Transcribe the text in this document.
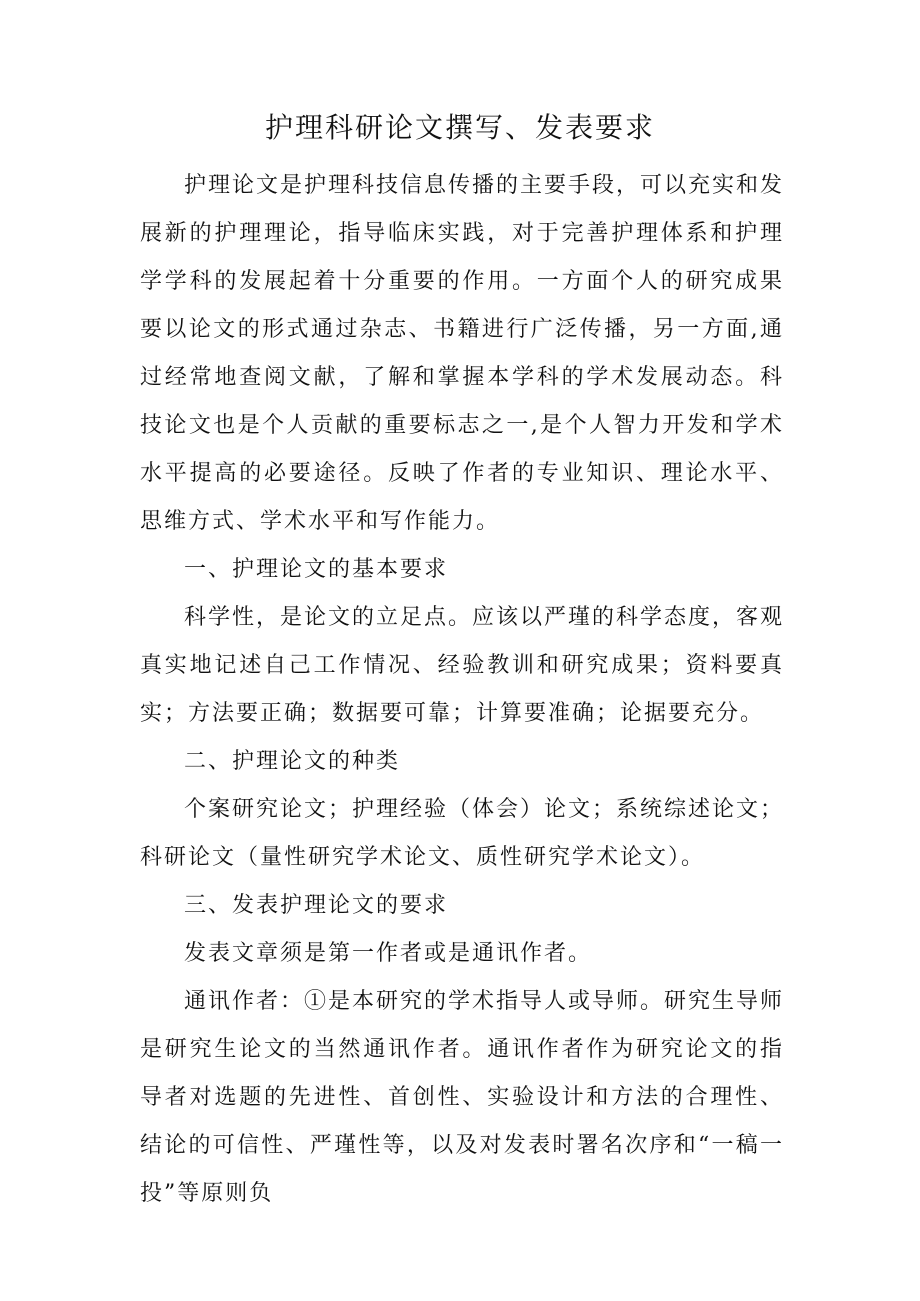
护理科研论文撰写、发表要求

护理论文是护理科技信息传播的主要手段，可以充实和发展新的护理理论，指导临床实践，对于完善护理体系和护理学学科的发展起着十分重要的作用。一方面个人的研究成果要以论文的形式通过杂志、书籍进行广泛传播，另一方面,通过经常地查阅文献，了解和掌握本学科的学术发展动态。科技论文也是个人贡献的重要标志之一,是个人智力开发和学术水平提高的必要途径。反映了作者的专业知识、理论水平、思维方式、学术水平和写作能力。

一、护理论文的基本要求

科学性，是论文的立足点。应该以严瑾的科学态度，客观真实地记述自己工作情况、经验教训和研究成果；资料要真实；方法要正确；数据要可靠；计算要准确；论据要充分。

二、护理论文的种类

个案研究论文；护理经验（体会）论文；系统综述论文；科研论文（量性研究学术论文、质性研究学术论文）。

三、发表护理论文的要求

发表文章须是第一作者或是通讯作者。

通讯作者：①是本研究的学术指导人或导师。研究生导师是研究生论文的当然通讯作者。通讯作者作为研究论文的指导者对选题的先进性、首创性、实验设计和方法的合理性、结论的可信性、严瑾性等，以及对发表时署名次序和“一稿一投”等原则负
